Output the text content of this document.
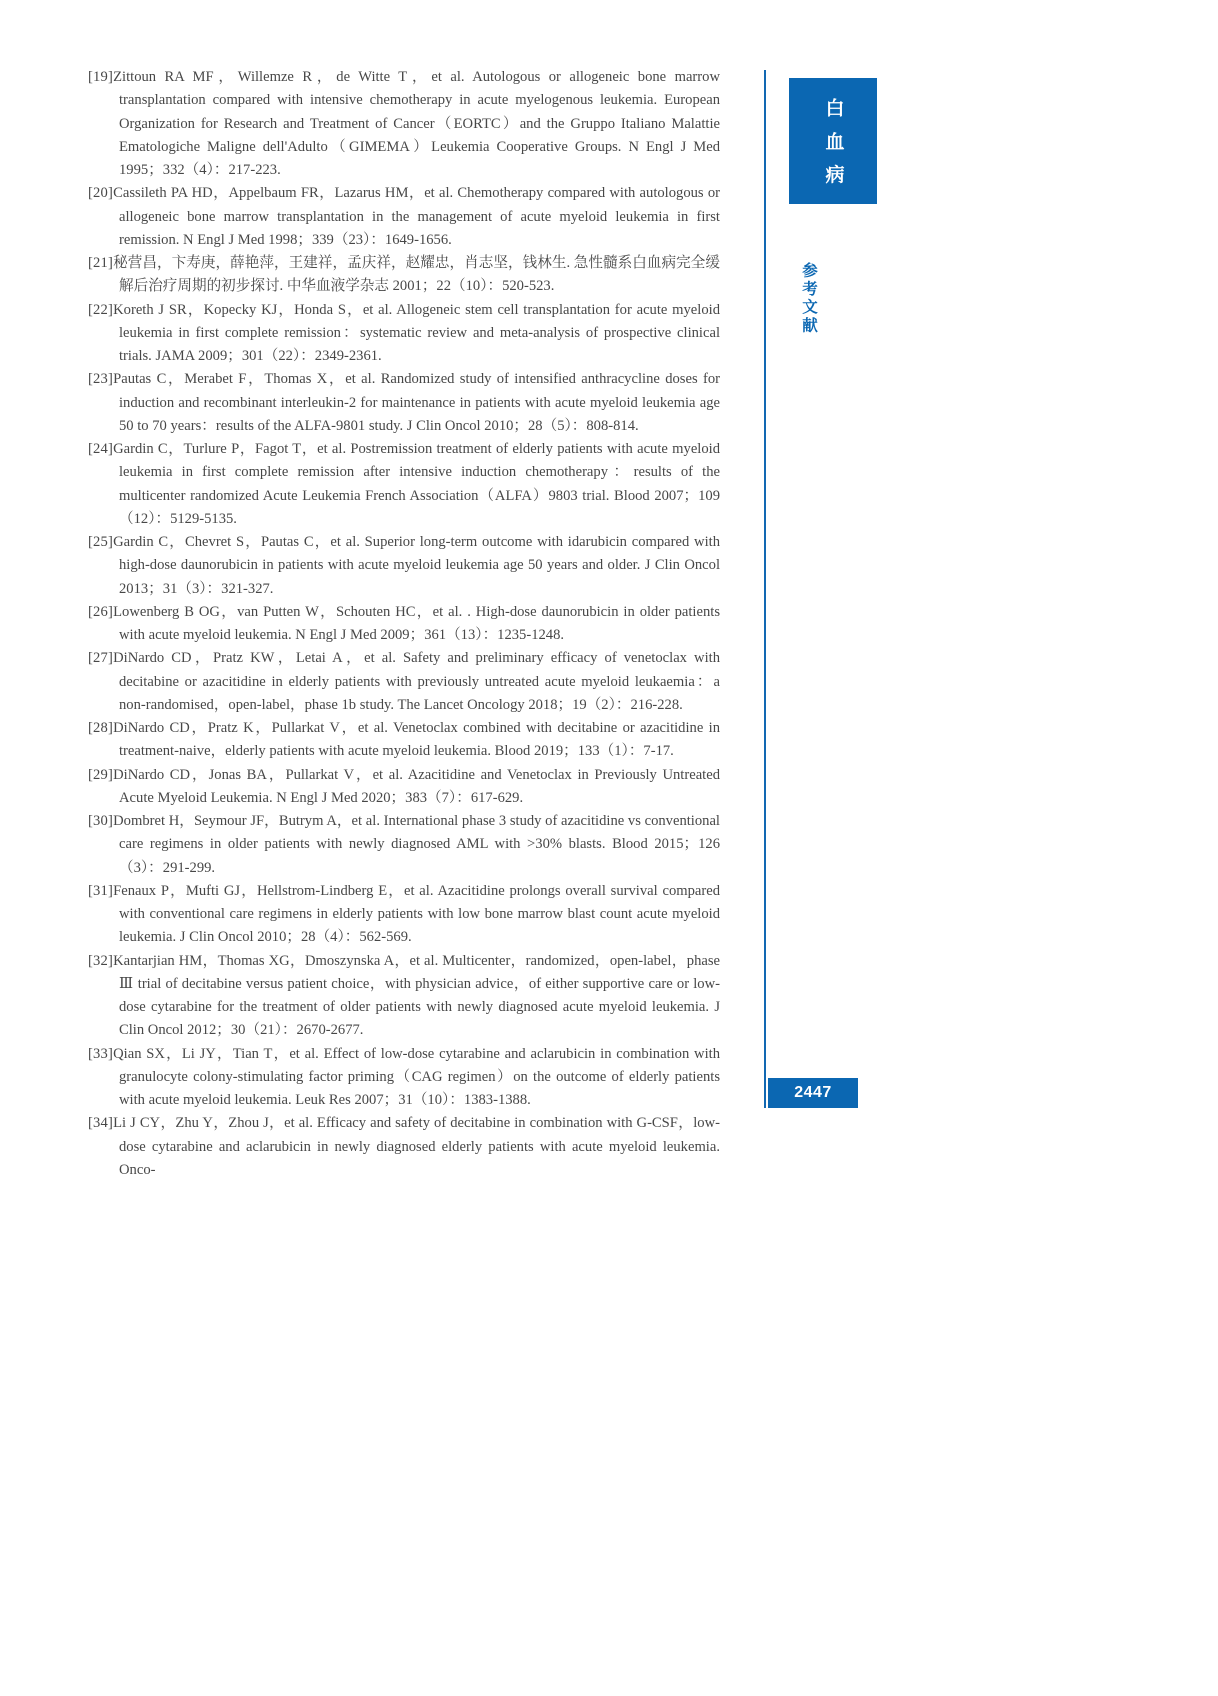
[19]Zittoun RA MF，Willemze R，de Witte T，et al. Autologous or allogeneic bone marrow transplantation compared with intensive chemotherapy in acute myelogenous leukemia. European Organization for Research and Treatment of Cancer（EORTC）and the Gruppo Italiano Malattie Ematologiche Maligne dell'Adulto（GIMEMA）Leukemia Cooperative Groups. N Engl J Med 1995；332（4）：217-223.

[20]Cassileth PA HD，Appelbaum FR，Lazarus HM，et al. Chemotherapy compared with autologous or allogeneic bone marrow transplantation in the management of acute myeloid leukemia in first remission. N Engl J Med 1998；339（23）：1649-1656.

[21]秘营昌，卞寿庚，薛艳萍，王建祥，孟庆祥，赵耀忠，肖志坚，钱林生. 急性髓系白血病完全缓解后治疗周期的初步探讨. 中华血液学杂志 2001；22（10）：520-523.

[22]Koreth J SR，Kopecky KJ，Honda S，et al. Allogeneic stem cell transplantation for acute myeloid leukemia in first complete remission：systematic review and meta-analysis of prospective clinical trials. JAMA 2009；301（22）：2349-2361.

[23]Pautas C，Merabet F，Thomas X，et al. Randomized study of intensified anthracycline doses for induction and recombinant interleukin-2 for maintenance in patients with acute myeloid leukemia age 50 to 70 years：results of the ALFA-9801 study. J Clin Oncol 2010；28（5）：808-814.

[24]Gardin C，Turlure P，Fagot T，et al. Postremission treatment of elderly patients with acute myeloid leukemia in first complete remission after intensive induction chemotherapy：results of the multicenter randomized Acute Leukemia French Association（ALFA）9803 trial. Blood 2007；109（12）：5129-5135.

[25]Gardin C，Chevret S，Pautas C，et al. Superior long-term outcome with idarubicin compared with high-dose daunorubicin in patients with acute myeloid leukemia age 50 years and older. J Clin Oncol 2013；31（3）：321-327.

[26]Lowenberg B OG，van Putten W，Schouten HC，et al. . High-dose daunorubicin in older patients with acute myeloid leukemia. N Engl J Med 2009；361（13）：1235-1248.

[27]DiNardo CD，Pratz KW，Letai A，et al. Safety and preliminary efficacy of venetoclax with decitabine or azacitidine in elderly patients with previously untreated acute myeloid leukaemia：a non-randomised，open-label，phase 1b study. The Lancet Oncology 2018；19（2）：216-228.

[28]DiNardo CD，Pratz K，Pullarkat V，et al. Venetoclax combined with decitabine or azacitidine in treatment-naive，elderly patients with acute myeloid leukemia. Blood 2019；133（1）：7-17.

[29]DiNardo CD，Jonas BA，Pullarkat V，et al. Azacitidine and Venetoclax in Previously Untreated Acute Myeloid Leukemia. N Engl J Med 2020；383（7）：617-629.

[30]Dombret H，Seymour JF，Butrym A，et al. International phase 3 study of azacitidine vs conventional care regimens in older patients with newly diagnosed AML with >30% blasts. Blood 2015；126（3）：291-299.

[31]Fenaux P，Mufti GJ，Hellstrom-Lindberg E，et al. Azacitidine prolongs overall survival compared with conventional care regimens in elderly patients with low bone marrow blast count acute myeloid leukemia. J Clin Oncol 2010；28（4）：562-569.

[32]Kantarjian HM，Thomas XG，Dmoszynska A，et al. Multicenter，randomized，open-label，phase Ⅲ trial of decitabine versus patient choice，with physician advice，of either supportive care or low-dose cytarabine for the treatment of older patients with newly diagnosed acute myeloid leukemia. J Clin Oncol 2012；30（21）：2670-2677.

[33]Qian SX，Li JY，Tian T，et al. Effect of low-dose cytarabine and aclarubicin in combination with granulocyte colony-stimulating factor priming（CAG regimen）on the outcome of elderly patients with acute myeloid leukemia. Leuk Res 2007；31（10）：1383-1388.

[34]Li J CY，Zhu Y，Zhou J，et al. Efficacy and safety of decitabine in combination with G-CSF，low-dose cytarabine and aclarubicin in newly diagnosed elderly patients with acute myeloid leukemia. Onco-

白血病
参考文献
2447
